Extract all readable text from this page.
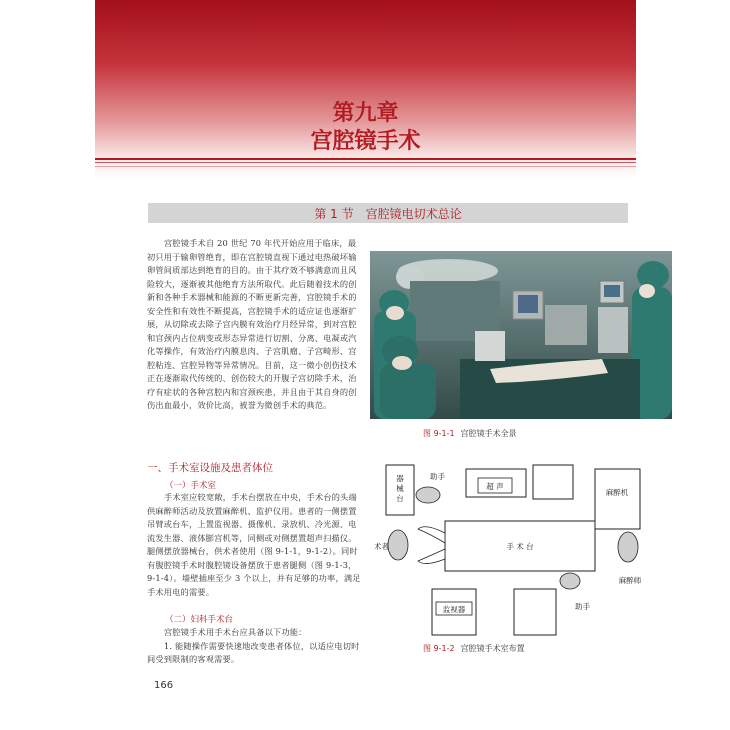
第九章
宫腔镜手术
第 1 节　宫腔镜电切术总论

宫腔镜手术自 20 世纪 70 年代开始应用于临床，最初只用于输卵管绝育，即在宫腔镜直视下通过电热破坏输卵管间质部达到绝育的目的。由于其疗效不够满意而且风险较大，逐渐被其他绝育方法所取代。此后随着技术的创新和各种手术器械和能源的不断更新完善，宫腔镜手术的安全性和有效性不断提高，宫腔镜手术的适应证也逐渐扩展，从切除或去除子宫内膜有效治疗月经异常，到对宫腔和宫颈内占位病变或形态异常进行切割、分离、电凝或汽化等操作，有效治疗内膜息肉、子宫肌瘤、子宫畸形、宫腔粘连、宫腔异物等异常情况。目前，这一微小创伤技术正在逐渐取代传统的、创伤较大的开腹子宫切除手术，治疗有症状的各种宫腔内和宫颈疾患，并且由于其自身的创伤出血最小，效价比高，被誉为微创手术的典范。

一、手术室设施及患者体位
（一）手术室

手术室应较宽敞，手术台摆放在中央，手术台的头端供麻醉师活动及放置麻醉机、监护仪用。患者的一侧摆置吊臂或台车，上置监视器、摄像机、录放机、冷光源、电流发生器、液体膨宫机等，同侧或对侧摆置超声扫描仪。腿侧摆放器械台，供术者使用（图 9-1-1，9-1-2）。同时有腹腔镜手术时腹腔镜设备摆放于患者腿侧（图 9-1-3，9-1-4）。墙壁插座至少 3 个以上，并有足够的功率，满足手术用电的需要。

（二）妇科手术台

宫腔镜手术用手术台应具备以下功能：

1. 能随操作需要快速地改变患者体位，以适应电切时间受到限制的客观需要。

图 9-1-1 宫腔镜手术全景
器械台
助手
超 声
麻醉机
术者	手 术 台
麻醉师
助手
监视器
图 9-1-2 宫腔镜手术室布置
166
